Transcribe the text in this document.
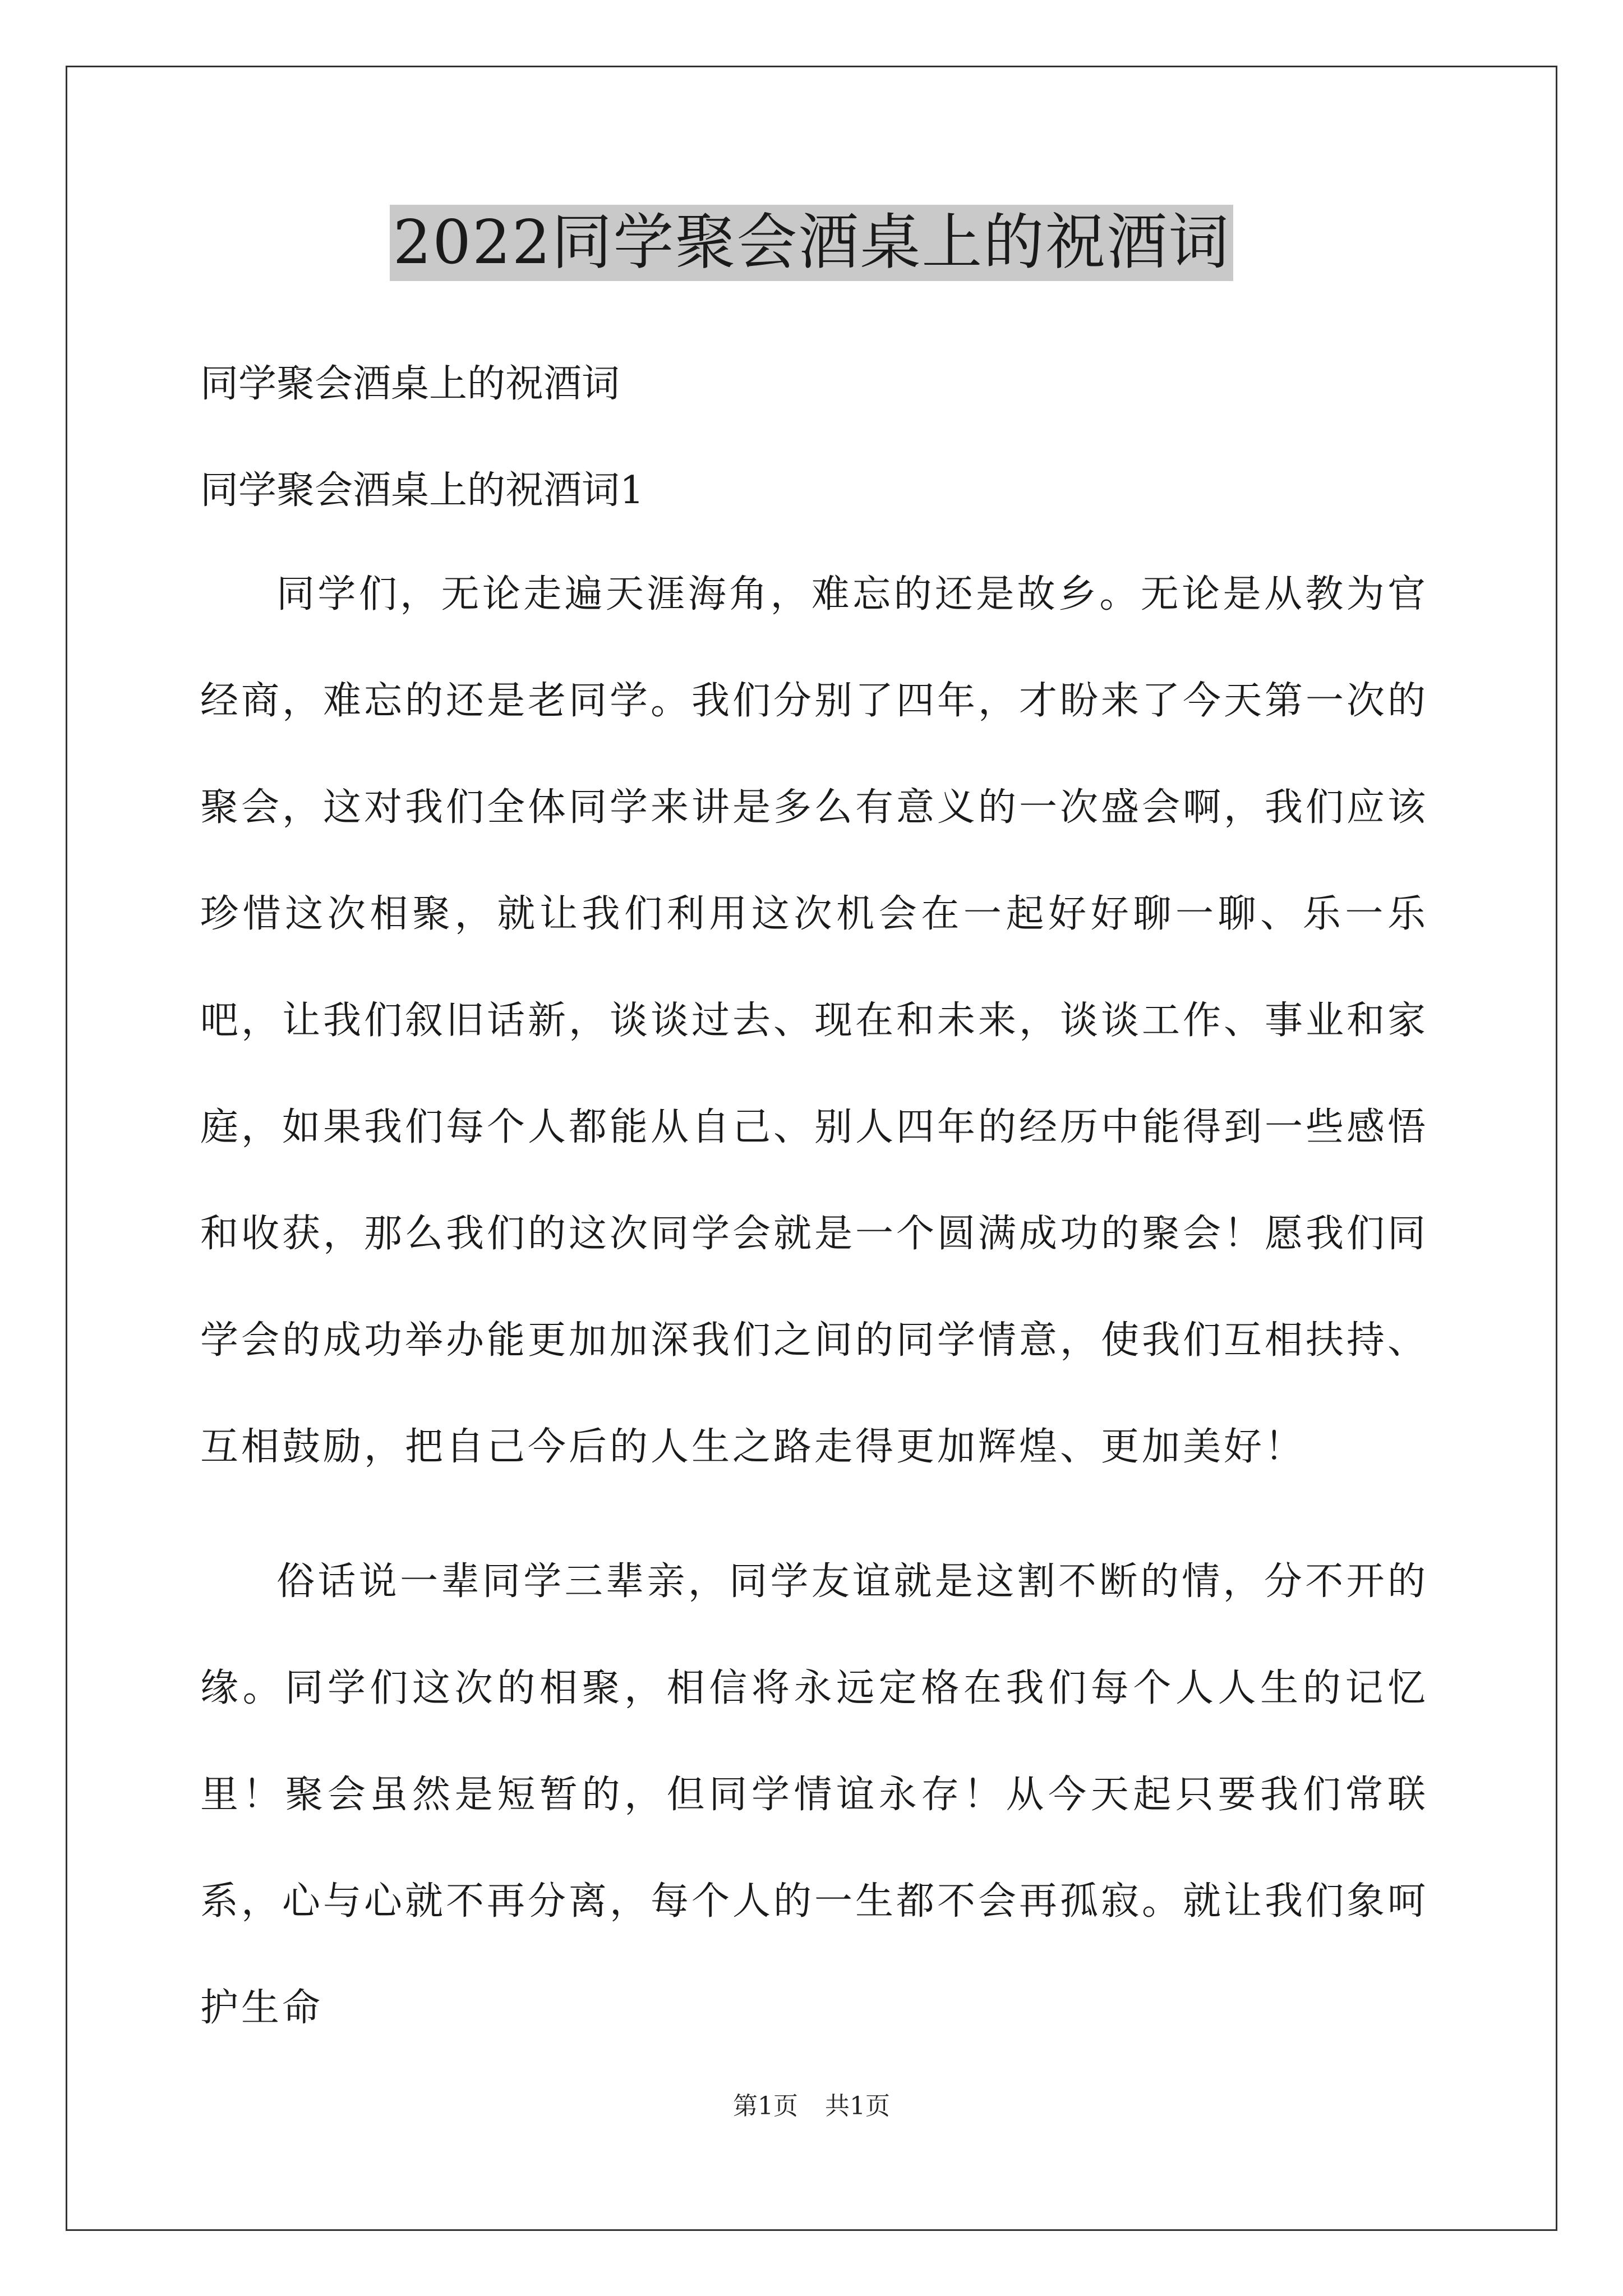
2022同学聚会酒桌上的祝酒词
同学聚会酒桌上的祝酒词
同学聚会酒桌上的祝酒词1
同学们，无论走遍天涯海角，难忘的还是故乡。无论是从教为官经商，难忘的还是老同学。我们分别了四年，才盼来了今天第一次的聚会，这对我们全体同学来讲是多么有意义的一次盛会啊，我们应该珍惜这次相聚，就让我们利用这次机会在一起好好聊一聊、乐一乐吧，让我们叙旧话新，谈谈过去、现在和未来，谈谈工作、事业和家庭，如果我们每个人都能从自己、别人四年的经历中能得到一些感悟和收获，那么我们的这次同学会就是一个圆满成功的聚会！愿我们同学会的成功举办能更加加深我们之间的同学情意，使我们互相扶持、互相鼓励，把自己今后的人生之路走得更加辉煌、更加美好！
俗话说一辈同学三辈亲，同学友谊就是这割不断的情，分不开的缘。同学们这次的相聚，相信将永远定格在我们每个人人生的记忆里！聚会虽然是短暂的，但同学情谊永存！从今天起只要我们常联系，心与心就不再分离，每个人的一生都不会再孤寂。就让我们象呵护生命
第1页 共1页
